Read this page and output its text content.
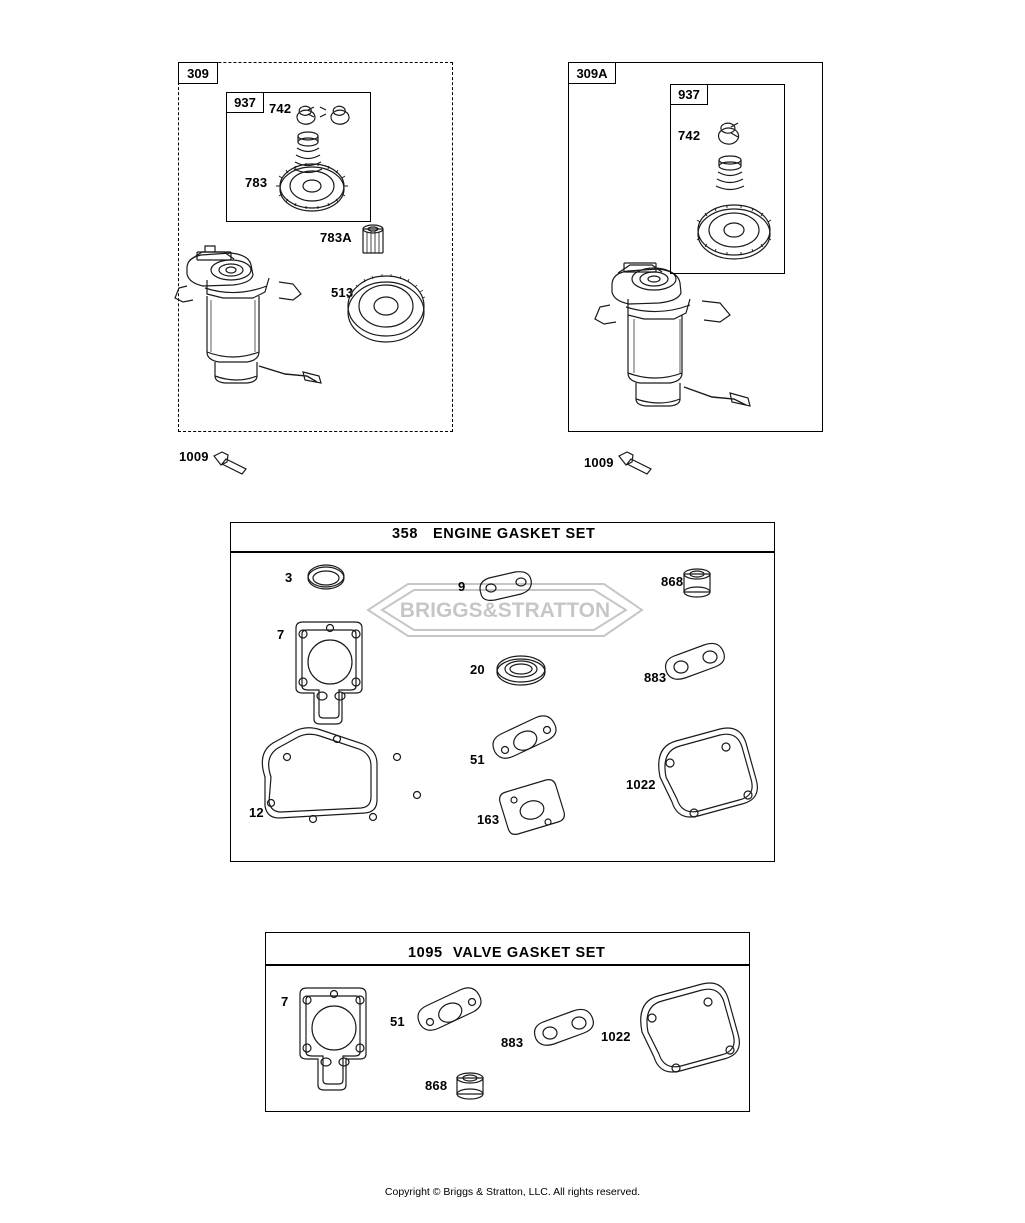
309
937	742
783
783A
513
1009
309A
937
742
1009
358 ENGINE GASKET SET
3
9	868
7
20
883
12
51
163
1022
BRIGGS&STRATTON
1095 VALVE GASKET SET
7
51
883	1022
868
Copyright © Briggs & Stratton, LLC. All rights reserved.
